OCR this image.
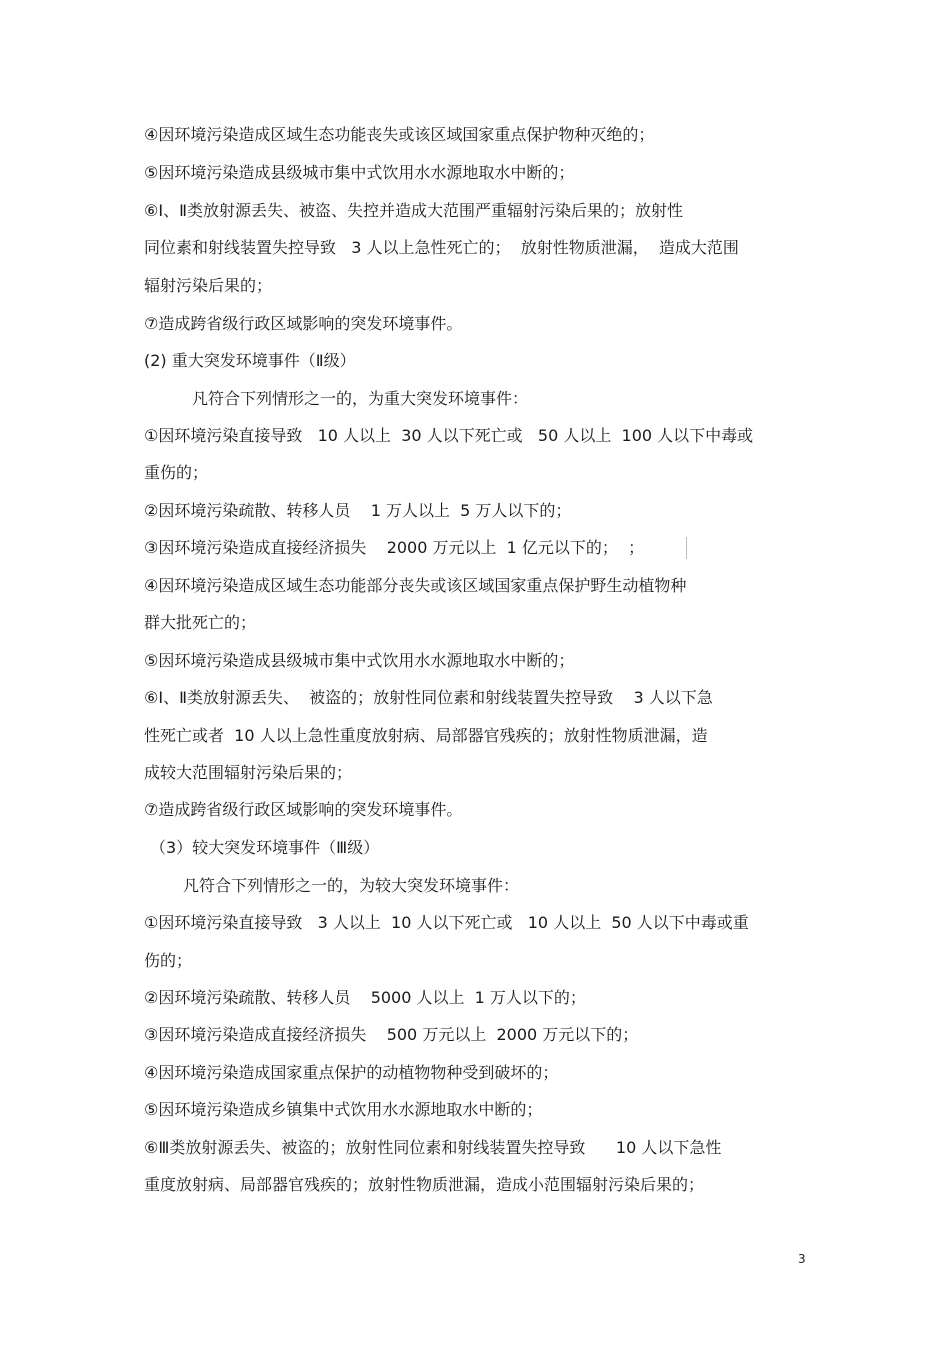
④因环境污染造成区域生态功能丧失或该区域国家重点保护物种灭绝的；
⑤因环境污染造成县级城市集中式饮用水水源地取水中断的；
⑥Ⅰ、Ⅱ类放射源丢失、被盗、失控并造成大范围严重辐射污染后果的；放射性
同位素和射线装置失控导致   3 人以上急性死亡的；  放射性物质泄漏，  造成大范围
辐射污染后果的；
⑦造成跨省级行政区域影响的突发环境事件。
(2) 重大突发环境事件（Ⅱ级）
凡符合下列情形之一的，为重大突发环境事件：
①因环境污染直接导致   10 人以上  30 人以下死亡或   50 人以上  100 人以下中毒或
重伤的；
②因环境污染疏散、转移人员    1 万人以上  5 万人以下的；
③因环境污染造成直接经济损失    2000 万元以上  1 亿元以下的；  ；
④因环境污染造成区域生态功能部分丧失或该区域国家重点保护野生动植物种
群大批死亡的；
⑤因环境污染造成县级城市集中式饮用水水源地取水中断的；
⑥Ⅰ、Ⅱ类放射源丢失、  被盗的；放射性同位素和射线装置失控导致    3 人以下急
性死亡或者  10 人以上急性重度放射病、局部器官残疾的；放射性物质泄漏，造
成较大范围辐射污染后果的；
⑦造成跨省级行政区域影响的突发环境事件。
（3）较大突发环境事件（Ⅲ级）
凡符合下列情形之一的，为较大突发环境事件：
①因环境污染直接导致   3 人以上  10 人以下死亡或   10 人以上  50 人以下中毒或重
伤的；
②因环境污染疏散、转移人员    5000 人以上  1 万人以下的；
③因环境污染造成直接经济损失    500 万元以上  2000 万元以下的；
④因环境污染造成国家重点保护的动植物物种受到破坏的；
⑤因环境污染造成乡镇集中式饮用水水源地取水中断的；
⑥Ⅲ类放射源丢失、被盗的；放射性同位素和射线装置失控导致      10 人以下急性
重度放射病、局部器官残疾的；放射性物质泄漏，造成小范围辐射污染后果的；
3
